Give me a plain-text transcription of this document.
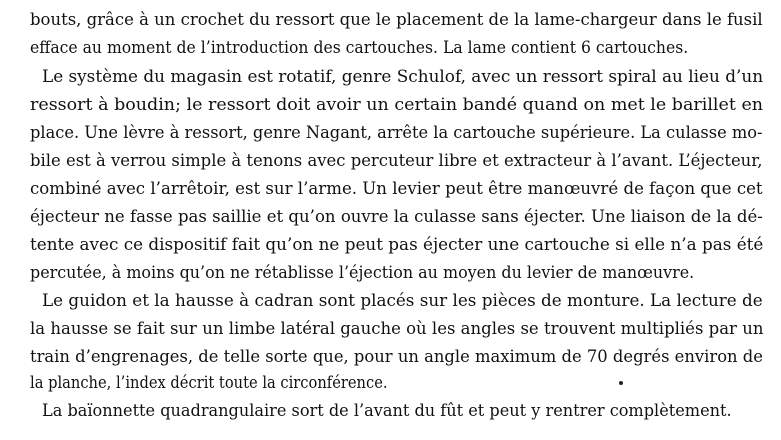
bouts, grâce à un crochet du ressort que le placement de la lame-chargeur dans le fusil
efface au moment de l’introduction des cartouches. La lame contient 6 cartouches.
Le système du magasin est rotatif, genre Schulof, avec un ressort spiral au lieu d’un
ressort à boudin; le ressort doit avoir un certain bandé quand on met le barillet en
place. Une lèvre à ressort, genre Nagant, arrête la cartouche supérieure. La culasse mo-
bile est à verrou simple à tenons avec percuteur libre et extracteur à l’avant. L’éjecteur,
combiné avec l’arrêtoir, est sur l’arme. Un levier peut être manœuvré de façon que cet
éjecteur ne fasse pas saillie et qu’on ouvre la culasse sans éjecter. Une liaison de la dé-
tente avec ce dispositif fait qu’on ne peut pas éjecter une cartouche si elle n’a pas été
percutée, à moins qu’on ne rétablisse l’éjection au moyen du levier de manœuvre.
Le guidon et la hausse à cadran sont placés sur les pièces de monture. La lecture de
la hausse se fait sur un limbe latéral gauche où les angles se trouvent multipliés par un
train d’engrenages, de telle sorte que, pour un angle maximum de 70 degrés environ de
la planche, l’index décrit toute la circonférence.
La baïonnette quadrangulaire sort de l’avant du fût et peut y rentrer complètement.
